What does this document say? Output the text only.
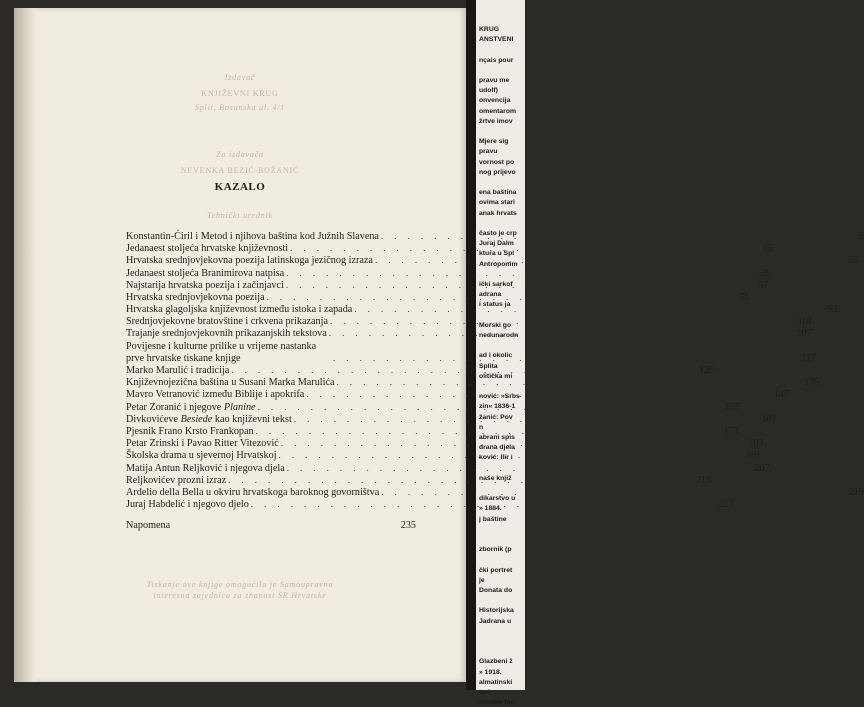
KRUG
ANSTVENI
nçais pour
pravu me
udolf)
onvencija
omentarom
žrtve imov
Mjere sig
pravu
vornost po
nog prijevo
ena baština
ovima stari
anak hrvats
často je crp
Juraj Dalm
ktura u Spl
Antroponim
ički sarkof
adrana
i status ja
Morski go
nedunarodn
ad i okolic
Splita
olitička mi
nović: »Srbs
zin« 1836-1
žanić: Pov
n
abrani spis
drana djela
ković: Ilir i
naše knjiž
dikarstvo u
» 1884.
j baštine
zbornik (p
čki portret
je
Donata do
Historijska
Jadrana u
Glazbeni ž
» 1918.
almatinski
tori
omiške fac
Izdavač
KNJIŽEVNI KRUG
Split, Bosanska ul. 4/1
Za izdavača
NEVENKA BEZIĆ-BOŽANIĆ
Tehnički urednik
Tiskanje ove knjige omogućila je Samoupravna
interesna zajednica za znanost SR Hrvatske
KAZALO
Konstantin-Ćiril i Metod i njihova baština kod Južnih Slavena . . .	5
Jedanaest stoljeća hrvatske književnosti . . .	15
Hrvatska srednjovjekovna poezija latinskoga jezičnog izraza . . .	35
Jedanaest stoljeća Branimirova natpisa . . .	53
Najstarija hrvatska poezija i začinjavci . . .	57
Hrvatska srednjovjekovna poezija . . .	71
Hrvatska glagoljska književnost između istoka i zapada . . .	93
Srednjovjekovne bratovštine i crkvena prikazanja . . .	101
Trajanje srednjovjekovnih prikazanjskih tekstova . . .	107
Povijesne i kulturne prilike u vrijeme nastanka prve hrvatske tiskane knjige . . .	117
Marko Marulić i tradicija . . .	125
Književnojezična baština u Susani Marka Marulića . . .	135
Mavro Vetranović između Biblije i apokrifa . . .	147
Petar Zoranić i njegove Planine . . .	155
Divkovićeve Besiede kao književni tekst . . .	167
Pjesnik Frano Krsto Frankopan . . .	173
Petar Zrinski i Pavao Ritter Vitezović . . .	183
Školska drama u sjevernoj Hrvatskoj . . .	191
Matija Antun Reljković i njegova djela . . .	207
Reljkovićev prozni izraz . . .	213
Ardelio della Bella u okviru hrvatskoga baroknog govorništva . . .	219
Juraj Habdelić i njegovo djelo . . .	227
Napomena	235
